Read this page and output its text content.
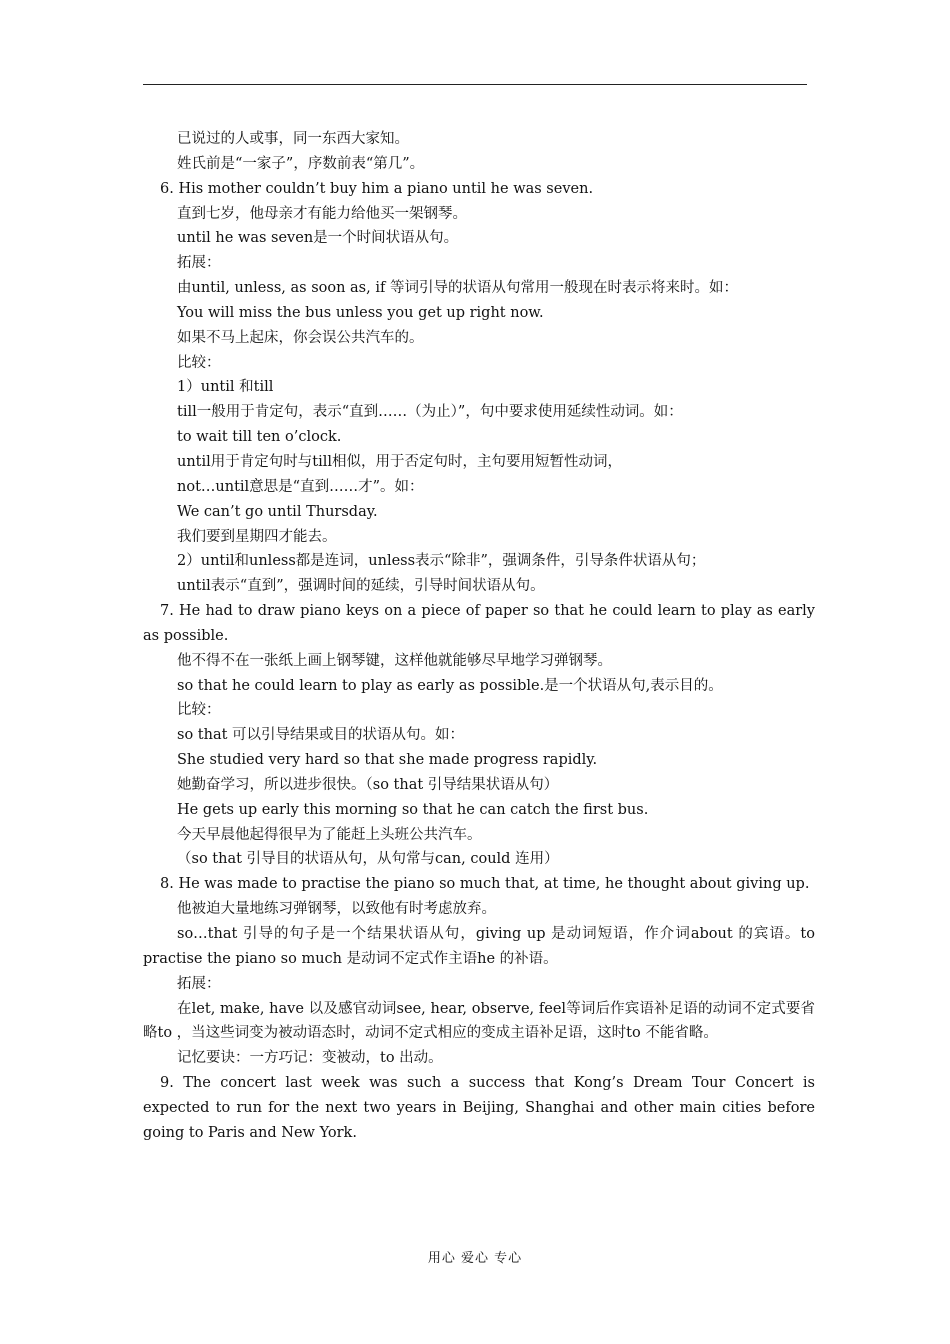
已说过的人或事，同一东西大家知。

姓氏前是“一家子”，序数前表“第几”。

6. His mother couldn’t buy him a piano until he was seven.

直到七岁，他母亲才有能力给他买一架钢琴。

until he was seven是一个时间状语从句。

拓展：

由until, unless, as soon as, if 等词引导的状语从句常用一般现在时表示将来时。如：

You will miss the bus unless you get up right now.

如果不马上起床，你会误公共汽车的。

比较：

1）until 和till

till一般用于肯定句，表示“直到……（为止）”，句中要求使用延续性动词。如：

to wait till ten o’clock.

until用于肯定句时与till相似，用于否定句时，主句要用短暂性动词，

not…until意思是“直到……才”。如：

We can’t go until Thursday.

我们要到星期四才能去。

2）until和unless都是连词，unless表示“除非”，强调条件，引导条件状语从句；

until表示“直到”，强调时间的延续，引导时间状语从句。

7. He had to draw piano keys on a piece of paper so that he could learn to play as early as possible.

他不得不在一张纸上画上钢琴键，这样他就能够尽早地学习弹钢琴。

so that he could learn to play as early as possible.是一个状语从句,表示目的。

比较：

so that 可以引导结果或目的状语从句。如：

She studied very hard so that she made progress rapidly.

她勤奋学习，所以进步很快。（so that 引导结果状语从句）

He gets up early this morning so that he can catch the first bus.

今天早晨他起得很早为了能赶上头班公共汽车。

（so that 引导目的状语从句，从句常与can, could 连用）

8. He was made to practise the piano so much that, at time, he thought about giving up.

他被迫大量地练习弹钢琴，以致他有时考虑放弃。

so…that 引导的句子是一个结果状语从句，giving up 是动词短语，作介词about 的宾语。to practise the piano so much 是动词不定式作主语he 的补语。

拓展：

在let, make, have 以及感官动词see, hear, observe, feel等词后作宾语补足语的动词不定式要省略to ，当这些词变为被动语态时，动词不定式相应的变成主语补足语，这时to 不能省略。

记忆要诀：一方巧记：变被动，to 出动。

9. The concert last week was such a success that Kong’s Dream Tour Concert is expected to run for the next two years in Beijing, Shanghai and other main cities before going to Paris and New York.

用心 爱心 专心
